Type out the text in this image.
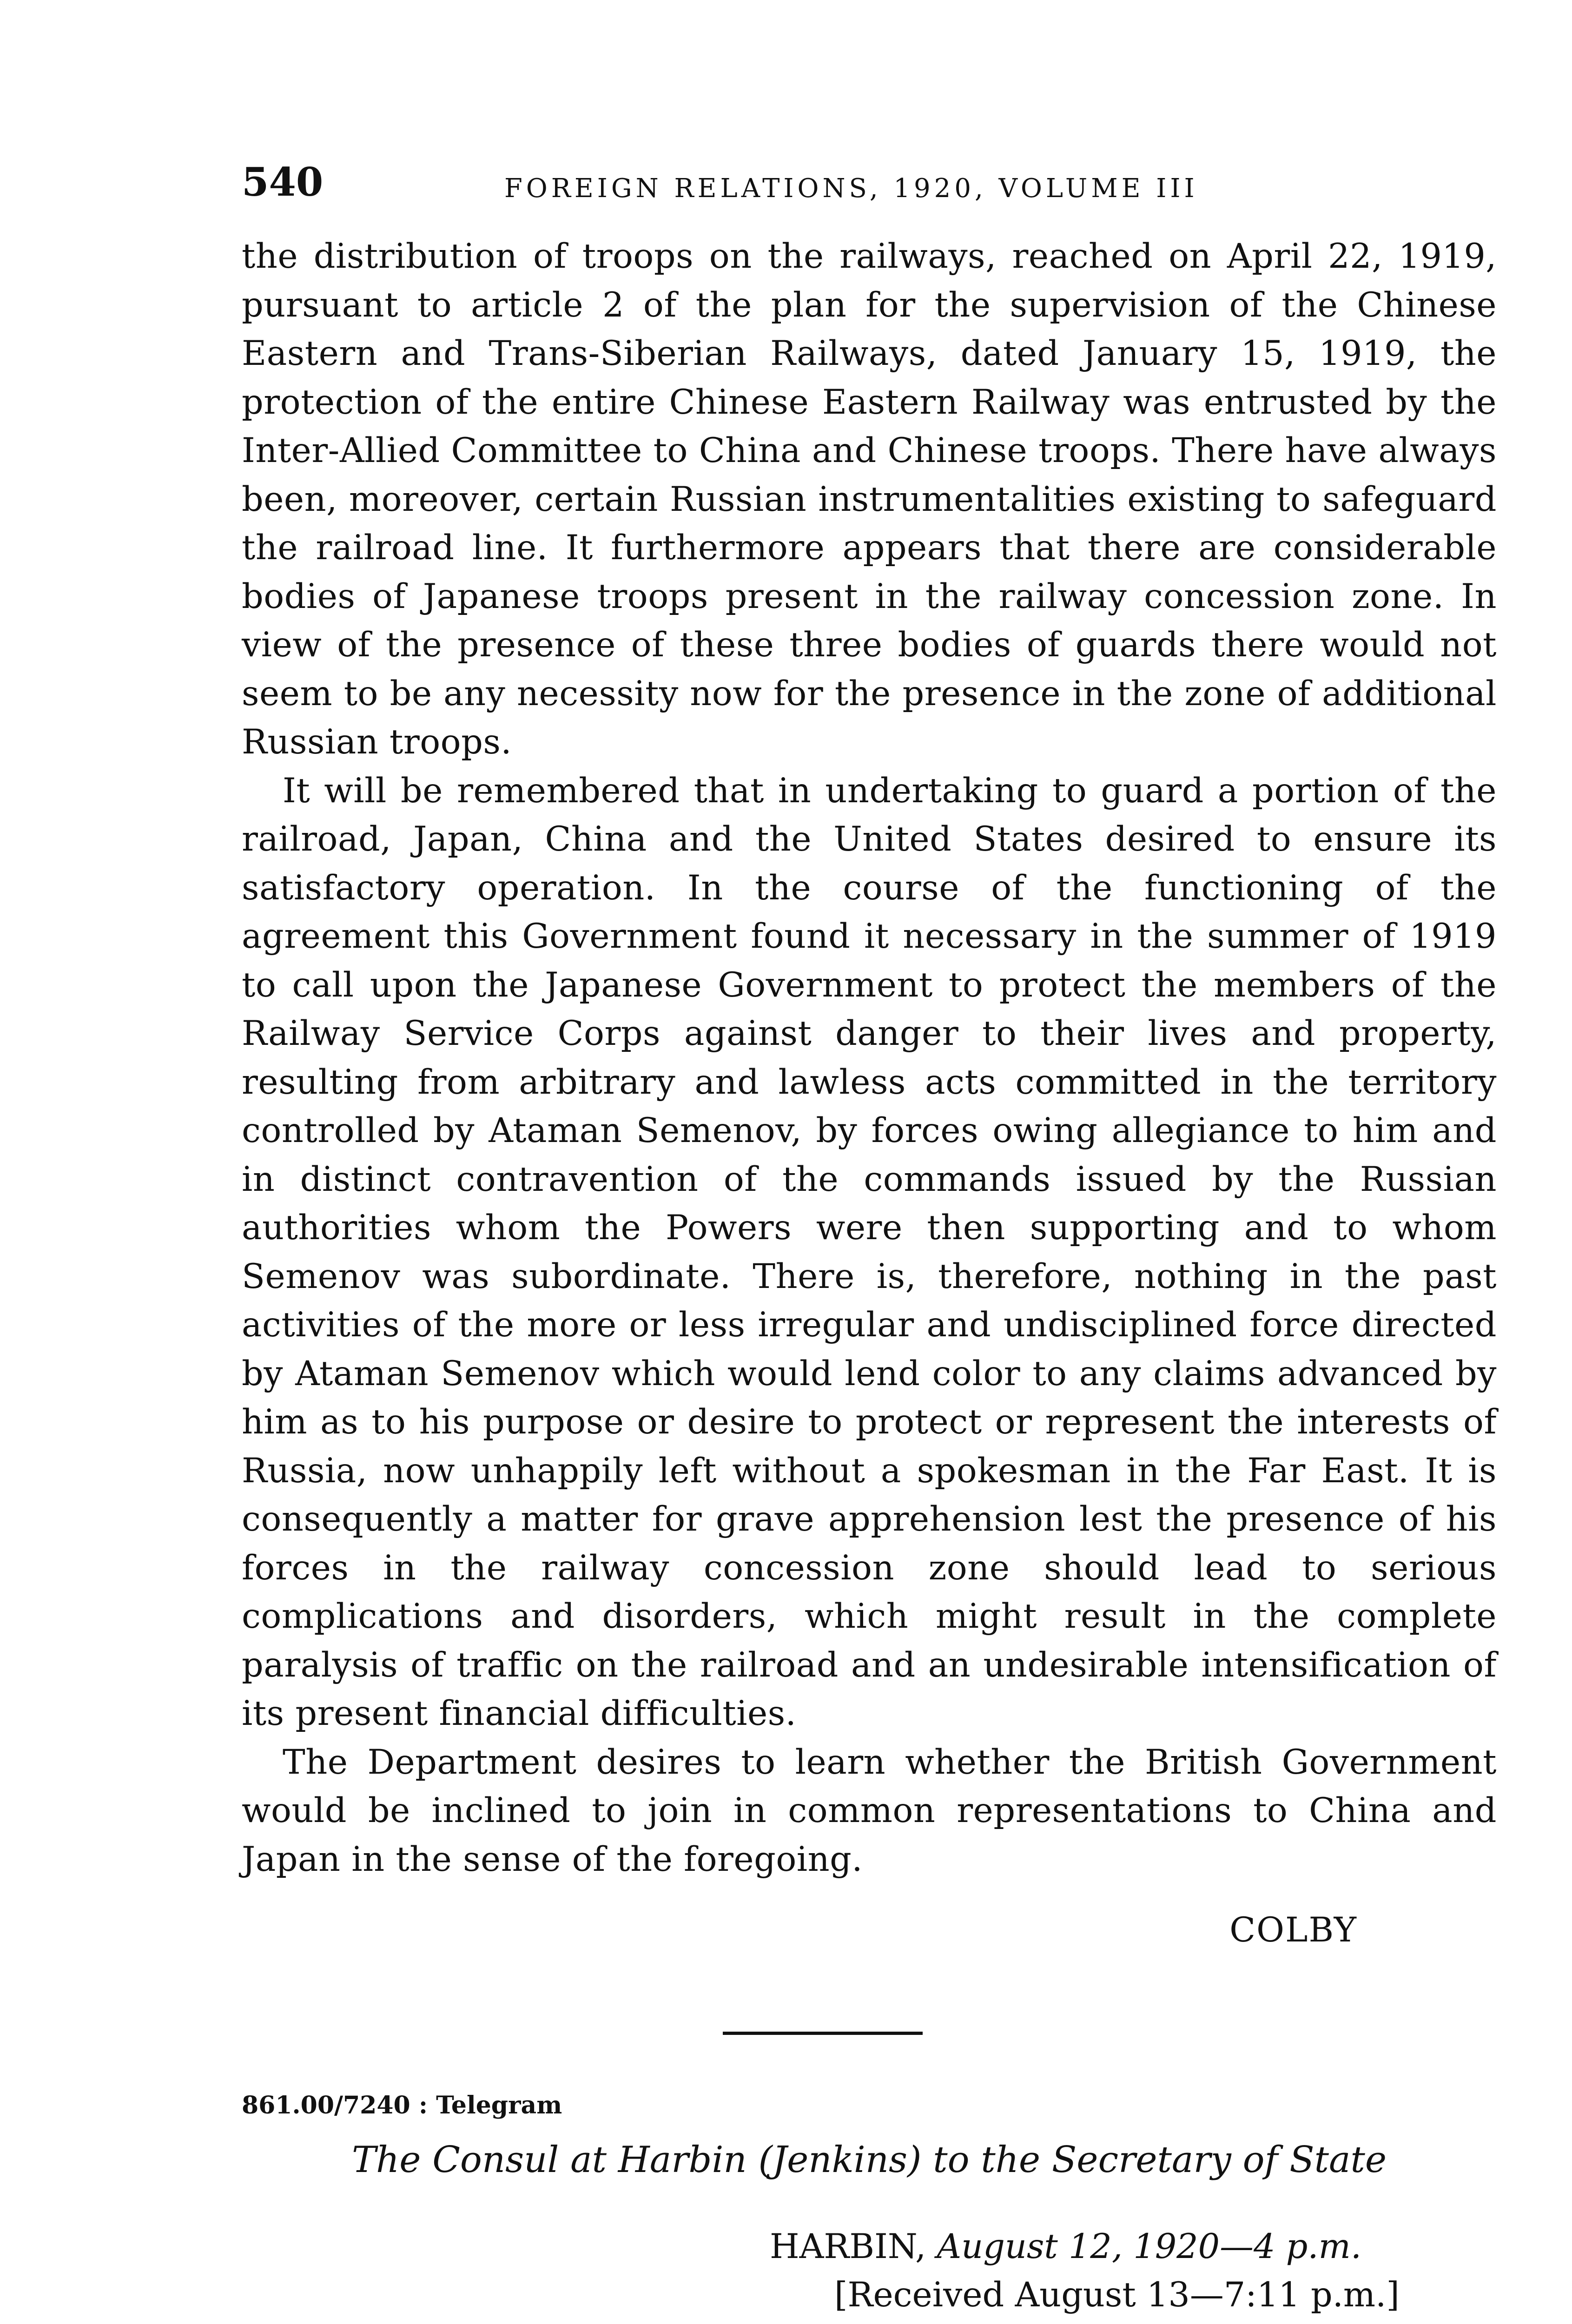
540	FOREIGN RELATIONS, 1920, VOLUME III

the distribution of troops on the railways, reached on April 22, 1919, pursuant to article 2 of the plan for the supervision of the Chinese Eastern and Trans-Siberian Railways, dated January 15, 1919, the protection of the entire Chinese Eastern Railway was entrusted by the Inter-Allied Committee to China and Chinese troops. There have always been, moreover, certain Russian instrumentalities existing to safeguard the railroad line. It furthermore appears that there are considerable bodies of Japanese troops present in the railway concession zone. In view of the presence of these three bodies of guards there would not seem to be any necessity now for the presence in the zone of additional Russian troops.

It will be remembered that in undertaking to guard a portion of the railroad, Japan, China and the United States desired to ensure its satisfactory operation. In the course of the functioning of the agreement this Government found it necessary in the summer of 1919 to call upon the Japanese Government to protect the members of the Railway Service Corps against danger to their lives and property, resulting from arbitrary and lawless acts committed in the territory controlled by Ataman Semenov, by forces owing allegiance to him and in distinct contravention of the commands issued by the Russian authorities whom the Powers were then supporting and to whom Semenov was subordinate. There is, therefore, nothing in the past activities of the more or less irregular and undisciplined force directed by Ataman Semenov which would lend color to any claims advanced by him as to his purpose or desire to protect or represent the interests of Russia, now unhappily left without a spokesman in the Far East. It is consequently a matter for grave apprehension lest the presence of his forces in the railway concession zone should lead to serious complications and disorders, which might result in the complete paralysis of traffic on the railroad and an undesirable intensification of its present financial difficulties.

The Department desires to learn whether the British Government would be inclined to join in common representations to China and Japan in the sense of the foregoing.

COLBY
861.00/7240 : Telegram
The Consul at Harbin (Jenkins) to the Secretary of State
HARBIN, August 12, 1920—4 p.m.
[Received August 13—7:11 p.m.]
